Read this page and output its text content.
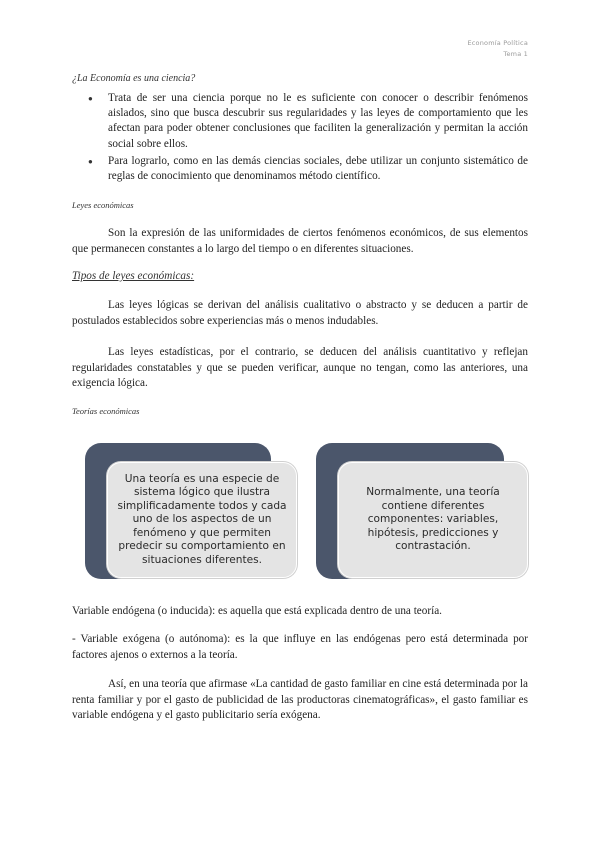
Economía Política
Tema 1
¿La Economía es una ciencia?
● Trata de ser una ciencia porque no le es suficiente con conocer o describir fenómenos aislados, sino que busca descubrir sus regularidades y las leyes de comportamiento que les afectan para poder obtener conclusiones que faciliten la generalización y permitan la acción social sobre ellos.
● Para lograrlo, como en las demás ciencias sociales, debe utilizar un conjunto sistemático de reglas de conocimiento que denominamos método científico.
Leyes económicas
Son la expresión de las uniformidades de ciertos fenómenos económicos, de sus elementos que permanecen constantes a lo largo del tiempo o en diferentes situaciones.
Tipos de leyes económicas:
Las leyes lógicas se derivan del análisis cualitativo o abstracto y se deducen a partir de postulados establecidos sobre experiencias más o menos indudables.
Las leyes estadísticas, por el contrario, se deducen del análisis cuantitativo y reflejan regularidades constatables y que se pueden verificar, aunque no tengan, como las anteriores, una exigencia lógica.
Teorías económicas
Una teoría es una especie de sistema lógico que ilustra simplificadamente todos y cada uno de los aspectos de un fenómeno y que permiten predecir su comportamiento en situaciones diferentes.
Normalmente, una teoría contiene diferentes componentes: variables, hipótesis, predicciones y contrastación.
Variable endógena (o inducida): es aquella que está explicada dentro de una teoría.
- Variable exógena (o autónoma): es la que influye en las endógenas pero está determinada por factores ajenos o externos a la teoría.
Así, en una teoría que afirmase «La cantidad de gasto familiar en cine está determinada por la renta familiar y por el gasto de publicidad de las productoras cinematográficas», el gasto familiar es variable endógena y el gasto publicitario sería exógena.
